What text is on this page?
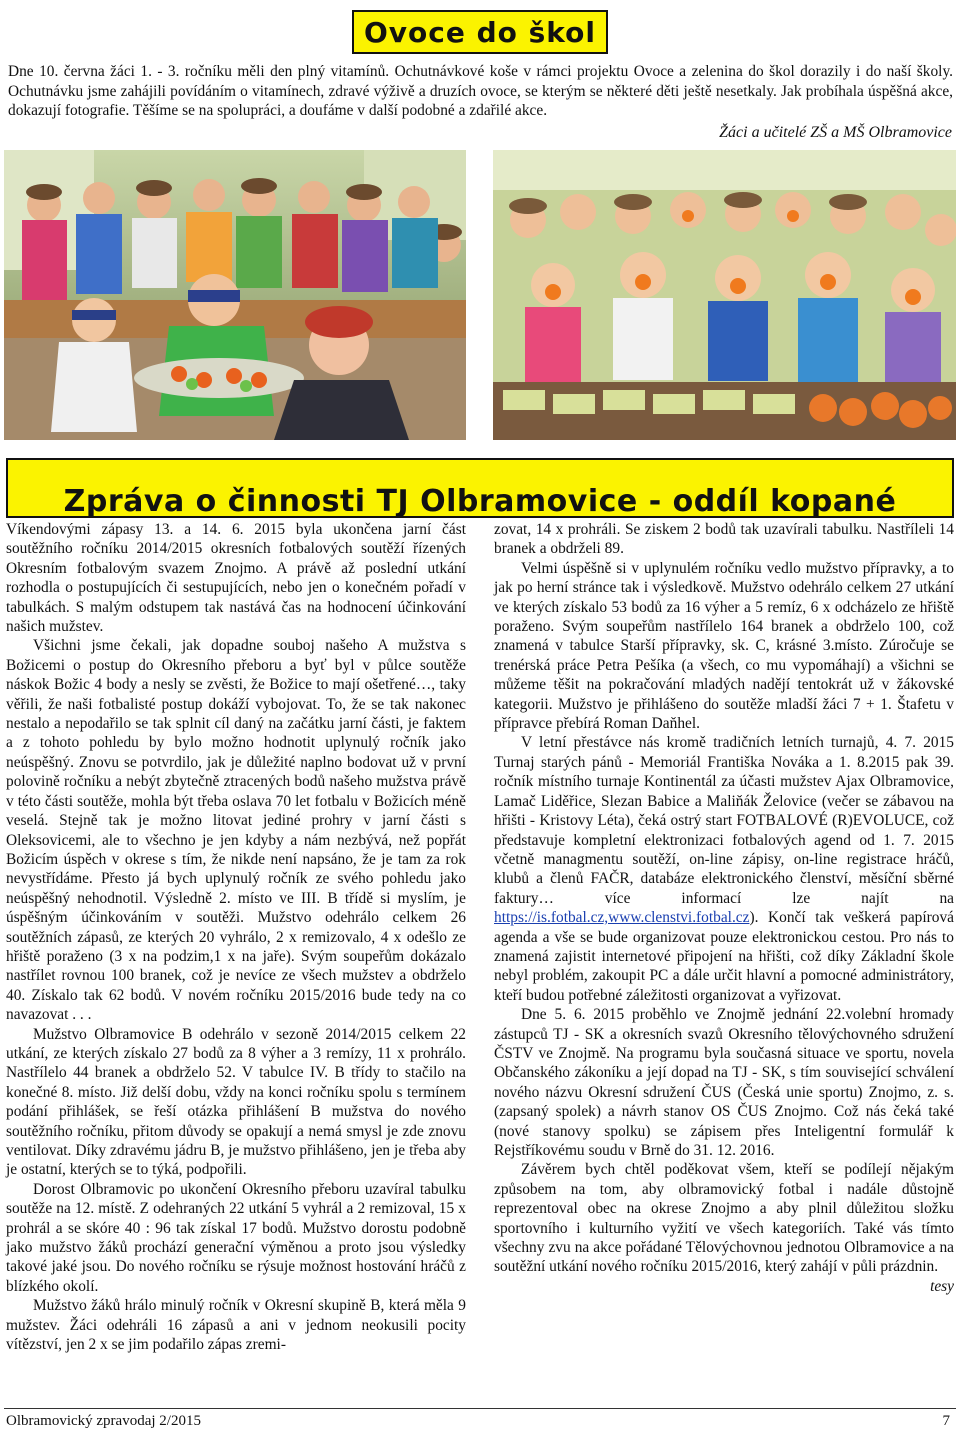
Ovoce do škol

Dne 10. června žáci 1. - 3. ročníku měli den plný vitamínů. Ochutnávkové koše v rámci projektu Ovoce a zelenina do škol dorazily i do naší školy. Ochutnávku jsme zahájili povídáním o vitamínech, zdravé výživě a druzích ovoce, se kterým se některé děti ještě nesetkaly. Jak probíhala úspěšná akce, dokazují fotografie. Těšíme se na spolupráci, a doufáme v další podobné a zdařilé akce.

Žáci a učitelé ZŠ a MŠ Olbramovice
Zpráva o činnosti TJ Olbramovice - oddíl kopané

Víkendovými zápasy 13. a 14. 6. 2015 byla ukončena jarní část soutěžního ročníku 2014/2015 okresních fotbalových soutěží řízených Okresním fotbalovým svazem Znojmo. A právě až poslední utkání rozhodla o postupujících či sestupujících, nebo jen o konečném pořadí v tabulkách. S malým odstupem tak nastává čas na hodnocení účinkování našich mužstev.

Všichni jsme čekali, jak dopadne souboj našeho A mužstva s Božicemi o postup do Okresního přeboru a byť byl v půlce soutěže náskok Božic 4 body a nesly se zvěsti, že Božice to mají ošetřené…, taky věřili, že naši fotbalisté postup dokáží vybojovat. To, že se tak nakonec nestalo a nepodařilo se tak splnit cíl daný na začátku jarní části, je faktem a z tohoto pohledu by bylo možno hodnotit uplynulý ročník jako neúspěšný. Znovu se potvrdilo, jak je důležité naplno bodovat už v první polovině ročníku a nebýt zbytečně ztracených bodů našeho mužstva právě v této části soutěže, mohla být třeba oslava 70 let fotbalu v Božicích méně veselá. Stejně tak je možno litovat jediné prohry v jarní části s Oleksovicemi, ale to všechno je jen kdyby a nám nezbývá, než popřát Božicím úspěch v okrese s tím, že nikde není napsáno, že je tam za rok nevystřídáme. Přesto já bych uplynulý ročník ze svého pohledu jako neúspěšný nehodnotil. Výsledně 2. místo ve III. B třídě si myslím, je úspěšným účinkováním v soutěži. Mužstvo odehrálo celkem 26 soutěžních zápasů, ze kterých 20 vyhrálo, 2 x remizovalo, 4 x odešlo ze hřiště poraženo (3 x na podzim,1 x na jaře). Svým soupeřům dokázalo nastřílet rovnou 100 branek, což je nevíce ze všech mužstev a obdrželo 40. Získalo tak 62 bodů. V novém ročníku 2015/2016 bude tedy na co navazovat . . .

Mužstvo Olbramovice B odehrálo v sezoně 2014/2015 celkem 22 utkání, ze kterých získalo 27 bodů za 8 výher a 3 remízy, 11 x prohrálo. Nastřílelo 44 branek a obdrželo 52. V tabulce IV. B třídy to stačilo na konečné 8. místo. Již delší dobu, vždy na konci ročníku spolu s termínem podání přihlášek, se řeší otázka přihlášení B mužstva do nového soutěžního ročníku, přitom důvody se opakují a nemá smysl je zde znovu ventilovat. Díky zdravému jádru B, je mužstvo přihlášeno, jen je třeba aby je ostatní, kterých se to týká, podpořili.

Dorost Olbramovic po ukončení Okresního přeboru uzavíral tabulku soutěže na 12. místě. Z odehraných 22 utkání 5 vyhrál a 2 remizoval, 15 x prohrál a se skóre 40 : 96 tak získal 17 bodů. Mužstvo dorostu podobně jako mužstvo žáků prochází generační výměnou a proto jsou výsledky takové jaké jsou. Do nového ročníku se rýsuje možnost hostování hráčů z blízkého okolí.

Mužstvo žáků hrálo minulý ročník v Okresní skupině B, která měla 9 mužstev. Žáci odehráli 16 zápasů a ani v jednom neokusili pocity vítězství, jen 2 x se jim podařilo zápas zremi-

zovat, 14 x prohráli. Se ziskem 2 bodů tak uzavírali tabulku. Nastříleli 14 branek a obdrželi 89.

Velmi úspěšně si v uplynulém ročníku vedlo mužstvo přípravky, a to jak po herní stránce tak i výsledkově. Mužstvo odehrálo celkem 27 utkání ve kterých získalo 53 bodů za 16 výher a 5 remíz, 6 x odcházelo ze hřiště poraženo. Svým soupeřům nastřílelo 164 branek a obdrželo 100, což znamená v tabulce Starší přípravky, sk. C, krásné 3.místo. Zúročuje se trenérská práce Petra Pešíka (a všech, co mu vypomáhají) a všichni se můžeme těšit na pokračování mladých nadějí tentokrát už v žákovské kategorii. Mužstvo je přihlášeno do soutěže mladší žáci 7 + 1. Štafetu v přípravce přebírá Roman Daňhel.

V letní přestávce nás kromě tradičních letních turnajů, 4. 7. 2015 Turnaj starých pánů - Memoriál Františka Nováka a 1. 8.2015 pak 39. ročník místního turnaje Kontinentál za účasti mužstev Ajax Olbramovice, Lamač Liděřice, Slezan Babice a Maliňák Želovice (večer se zábavou na hřišti - Kristovy Léta), čeká ostrý start FOTBALOVÉ (R)EVOLUCE, což představuje kompletní elektronizaci fotbalových agend od 1. 7. 2015 včetně managmentu soutěží, on-line zápisy, on-line registrace hráčů, klubů a členů FAČR, databáze elektronického členství, měsíční sběrné faktury… více informací lze najít na https://is.fotbal.cz,www.clenstvi.fotbal.cz). Končí tak veškerá papírová agenda a vše se bude organizovat pouze elektronickou cestou. Pro nás to znamená zajistit internetové připojení na hřišti, což díky Základní škole nebyl problém, zakoupit PC a dále určit hlavní a pomocné administrátory, kteří budou potřebné záležitosti organizovat a vyřizovat.

Dne 5. 6. 2015 proběhlo ve Znojmě jednání 22.volební hromady zástupců TJ - SK a okresních svazů Okresního tělovýchovného sdružení ČSTV ve Znojmě. Na programu byla současná situace ve sportu, novela Občanského zákoníku a její dopad na TJ - SK, s tím související schválení nového názvu Okresní sdružení ČUS (Česká unie sportu) Znojmo, z. s.(zapsaný spolek) a návrh stanov OS ČUS Znojmo. Což nás čeká také (nové stanovy spolku) se zápisem přes Inteligentní formulář k Rejstříkovému soudu v Brně do 31. 12. 2016.

Závěrem bych chtěl poděkovat všem, kteří se podílejí nějakým způsobem na tom, aby olbramovický fotbal i nadále důstojně reprezentoval obec na okrese Znojmo a aby plnil důležitou složku sportovního i kulturního vyžití ve všech kategoriích. Také vás tímto všechny zvu na akce pořádané Tělovýchovnou jednotou Olbramovice a na soutěžní utkání nového ročníku 2015/2016, který zahájí v půli prázdnin.

tesy

Olbramovický zpravodaj 2/2015	7
